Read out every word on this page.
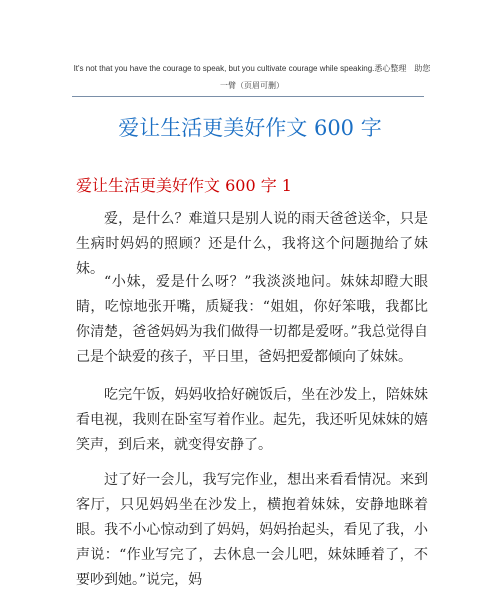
It's not that you have the courage to speak, but you cultivate courage while speaking.悉心整理　助您一臂（页眉可删）
爱让生活更美好作文 600 字
爱让生活更美好作文 600 字 1

爱，是什么？难道只是别人说的雨天爸爸送伞，只是生病时妈妈的照顾？还是什么，我将这个问题抛给了妹妹。

“小妹，爱是什么呀？”我淡淡地问。妹妹却瞪大眼睛，吃惊地张开嘴，质疑我：“姐姐，你好笨哦，我都比你清楚，爸爸妈妈为我们做得一切都是爱呀。”我总觉得自己是个缺爱的孩子，平日里，爸妈把爱都倾向了妹妹。

吃完午饭，妈妈收拾好碗饭后，坐在沙发上，陪妹妹看电视，我则在卧室写着作业。起先，我还听见妹妹的嬉笑声，到后来，就变得安静了。

过了好一会儿，我写完作业，想出来看看情况。来到客厅，只见妈妈坐在沙发上，横抱着妹妹，安静地眯着眼。我不小心惊动到了妈妈，妈妈抬起头，看见了我，小声说：“作业写完了，去休息一会儿吧，妹妹睡着了，不要吵到她。”说完，妈
